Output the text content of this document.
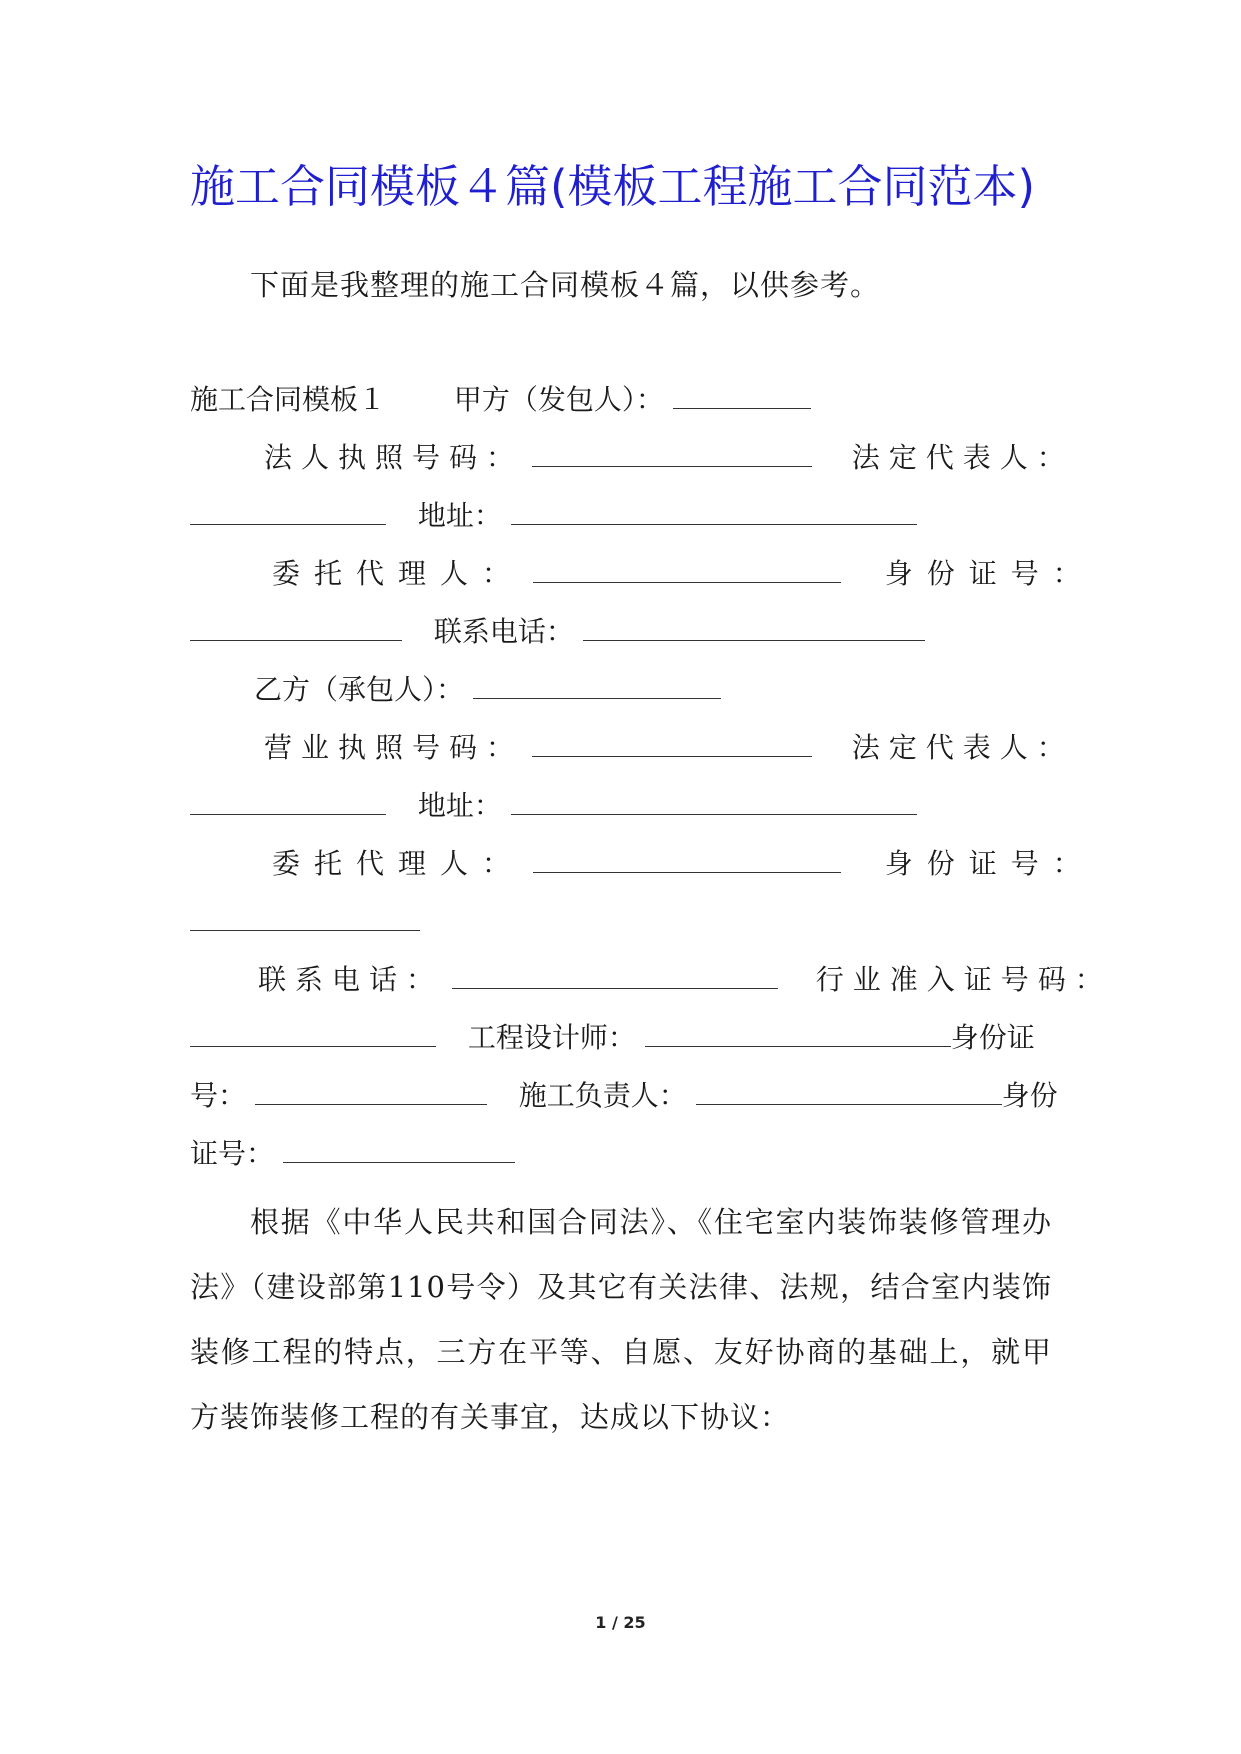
施工合同模板４篇(模板工程施工合同范本)
下面是我整理的施工合同模板４篇，以供参考。
施工合同模板１ 甲方（发包人）：
法人执照号码：	法定代表人：
地址：
委托代理人：	身份证号：
联系电话：
乙方（承包人）：
营业执照号码：	法定代表人：
地址：
委托代理人：	身份证号：
联系电话：	行业准入证号码：
工程设计师：	身份证
号：	施工负责人：	身份
证号：

根据《中华人民共和国合同法》、《住宅室内装饰装修管理办法》（建设部第110号令）及其它有关法律、法规，结合室内装饰装修工程的特点，三方在平等、自愿、友好协商的基础上，就甲方装饰装修工程的有关事宜，达成以下协议：

1 / 25
